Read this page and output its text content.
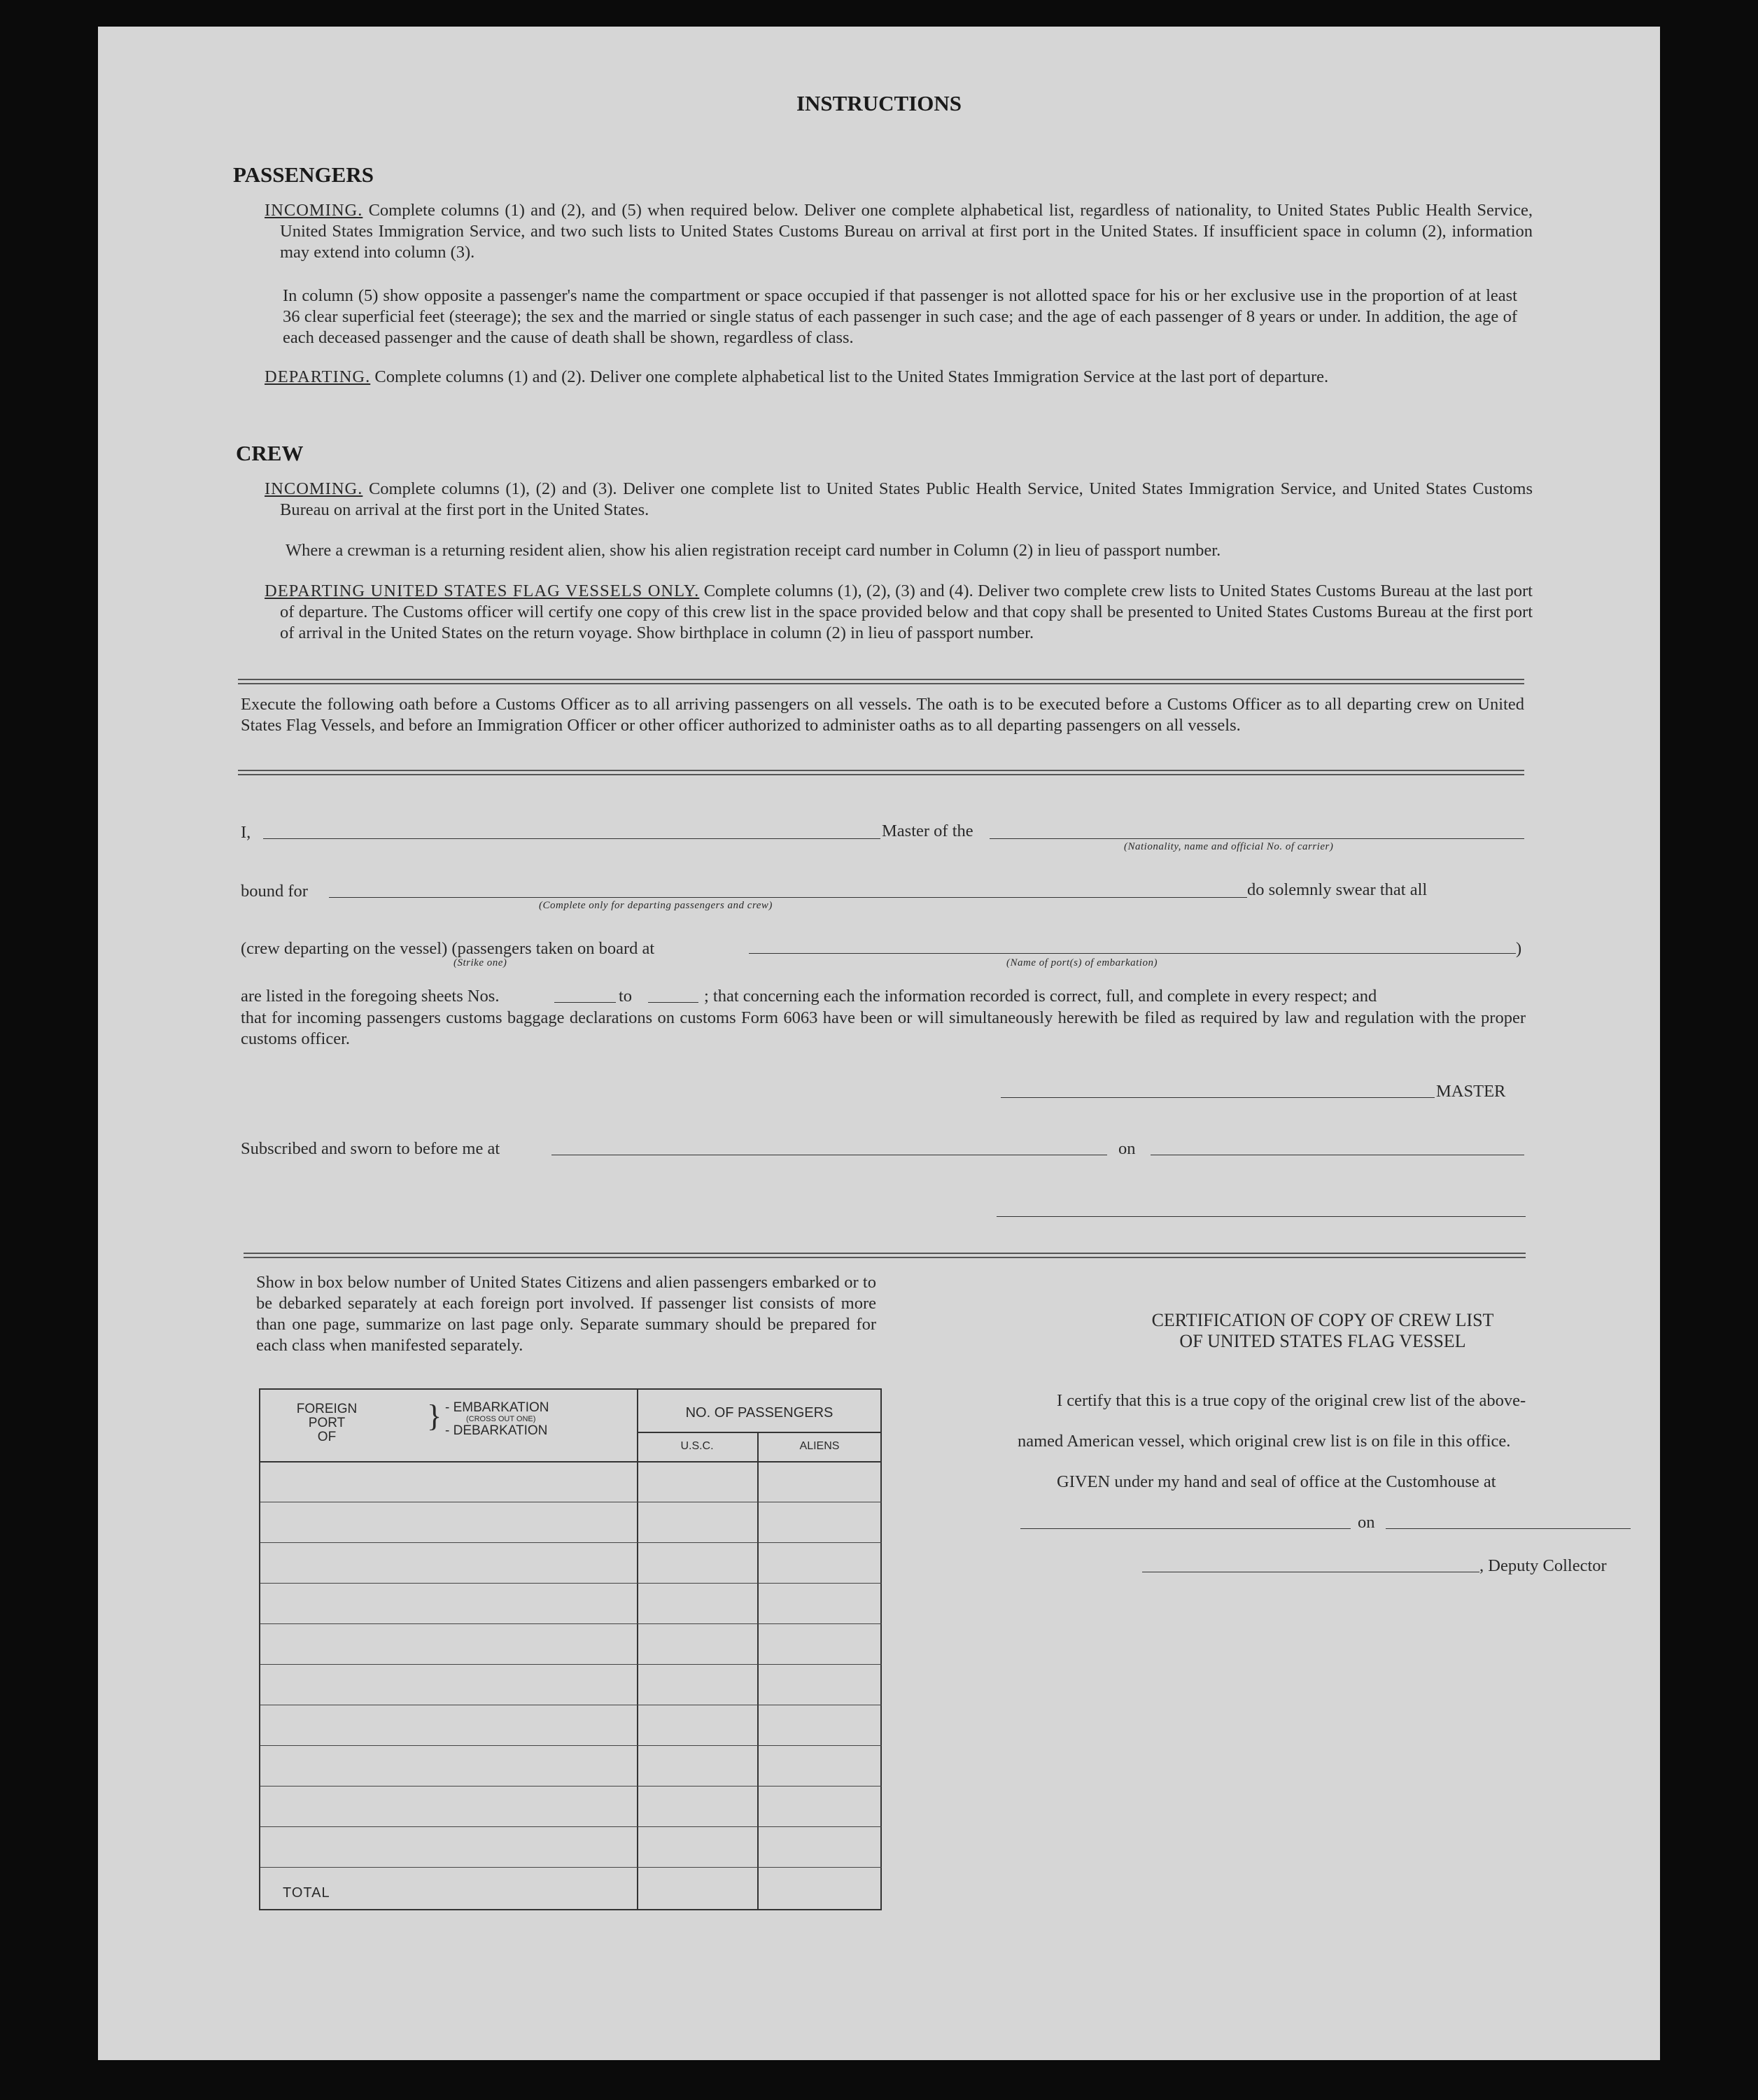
INSTRUCTIONS
PASSENGERS
INCOMING. Complete columns (1) and (2), and (5) when required below. Deliver one complete alphabetical list, regardless of nationality, to United States Public Health Service, United States Immigration Service, and two such lists to United States Customs Bureau on arrival at first port in the United States. If insufficient space in column (2), information may extend into column (3).
In column (5) show opposite a passenger's name the compartment or space occupied if that passenger is not allotted space for his or her exclusive use in the proportion of at least 36 clear superficial feet (steerage); the sex and the married or single status of each passenger in such case; and the age of each passenger of 8 years or under. In addition, the age of each deceased passenger and the cause of death shall be shown, regardless of class.
DEPARTING. Complete columns (1) and (2). Deliver one complete alphabetical list to the United States Immigration Service at the last port of departure.
CREW
INCOMING. Complete columns (1), (2) and (3). Deliver one complete list to United States Public Health Service, United States Immigration Service, and United States Customs Bureau on arrival at the first port in the United States.
Where a crewman is a returning resident alien, show his alien registration receipt card number in Column (2) in lieu of passport number.
DEPARTING UNITED STATES FLAG VESSELS ONLY. Complete columns (1), (2), (3) and (4). Deliver two complete crew lists to United States Customs Bureau at the last port of departure. The Customs officer will certify one copy of this crew list in the space provided below and that copy shall be presented to United States Customs Bureau at the first port of arrival in the United States on the return voyage. Show birthplace in column (2) in lieu of passport number.
Execute the following oath before a Customs Officer as to all arriving passengers on all vessels. The oath is to be executed before a Customs Officer as to all departing crew on United States Flag Vessels, and before an Immigration Officer or other officer authorized to administer oaths as to all departing passengers on all vessels.
I,	Master of the
(Nationality, name and official No. of carrier)
bound for	do solemnly swear that all
(Complete only for departing passengers and crew)
(crew departing on the vessel) (passengers taken on board at
(Strike one)
)
(Name of port(s) of embarkation)
are listed in the foregoing sheets Nos.	to	; that concerning each the information recorded is correct, full, and complete in every respect; and
that for incoming passengers customs baggage declarations on customs Form 6063 have been or will simultaneously herewith be filed as required by law and regulation with the proper customs officer.
MASTER
Subscribed and sworn to before me at	on
Show in box below number of United States Citizens and alien passengers embarked or to be debarked separately at each foreign port involved. If passenger list consists of more than one page, summarize on last page only. Separate summary should be prepared for each class when manifested separately.
FOREIGN
PORT
OF
} - EMBARKATION
(CROSS OUT ONE)
- DEBARKATION
NO. OF PASSENGERS
U.S.C.	ALIENS
TOTAL
CERTIFICATION OF COPY OF CREW LIST
OF UNITED STATES FLAG VESSEL
I certify that this is a true copy of the original crew list of the above-
named American vessel, which original crew list is on file in this office.
GIVEN under my hand and seal of office at the Customhouse at
on
, Deputy Collector
